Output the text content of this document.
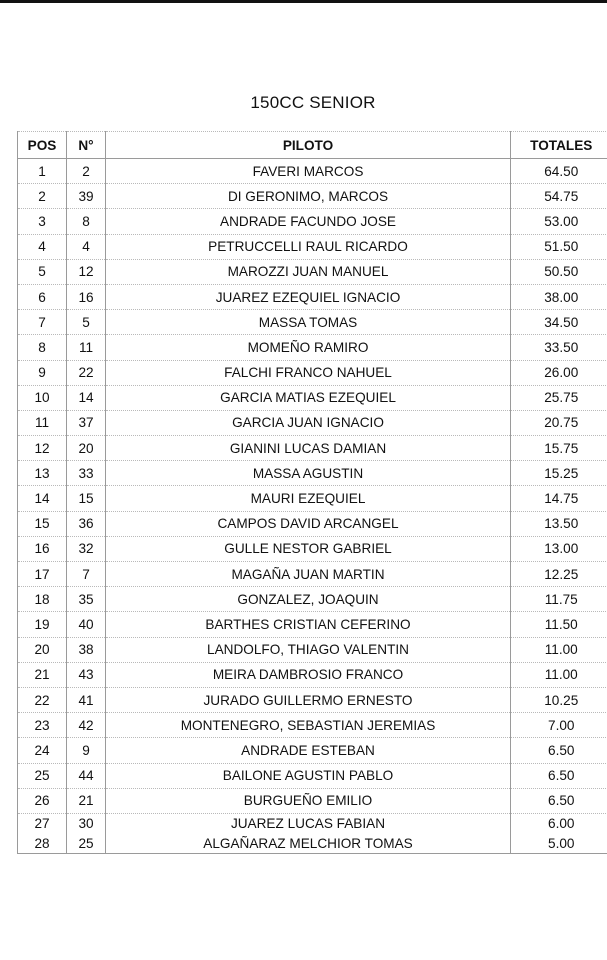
150CC SENIOR
POS	N°	PILOTO	TOTALES
1	2	FAVERI MARCOS	64.50
2	39	DI GERONIMO, MARCOS	54.75
3	8	ANDRADE FACUNDO JOSE	53.00
4	4	PETRUCCELLI RAUL RICARDO	51.50
5	12	MAROZZI JUAN MANUEL	50.50
6	16	JUAREZ EZEQUIEL IGNACIO	38.00
7	5	MASSA TOMAS	34.50
8	11	MOMEÑO RAMIRO	33.50
9	22	FALCHI FRANCO NAHUEL	26.00
10	14	GARCIA MATIAS EZEQUIEL	25.75
11	37	GARCIA JUAN IGNACIO	20.75
12	20	GIANINI LUCAS DAMIAN	15.75
13	33	MASSA AGUSTIN	15.25
14	15	MAURI EZEQUIEL	14.75
15	36	CAMPOS DAVID ARCANGEL	13.50
16	32	GULLE NESTOR GABRIEL	13.00
17	7	MAGAÑA JUAN MARTIN	12.25
18	35	GONZALEZ, JOAQUIN	11.75
19	40	BARTHES CRISTIAN CEFERINO	11.50
20	38	LANDOLFO, THIAGO VALENTIN	11.00
21	43	MEIRA DAMBROSIO FRANCO	11.00
22	41	JURADO GUILLERMO ERNESTO	10.25
23	42	MONTENEGRO, SEBASTIAN JEREMIAS	7.00
24	9	ANDRADE ESTEBAN	6.50
25	44	BAILONE AGUSTIN PABLO	6.50
26	21	BURGUEÑO EMILIO	6.50
27	30	JUAREZ LUCAS FABIAN	6.00
28	25	ALGAÑARAZ MELCHIOR TOMAS	5.00
